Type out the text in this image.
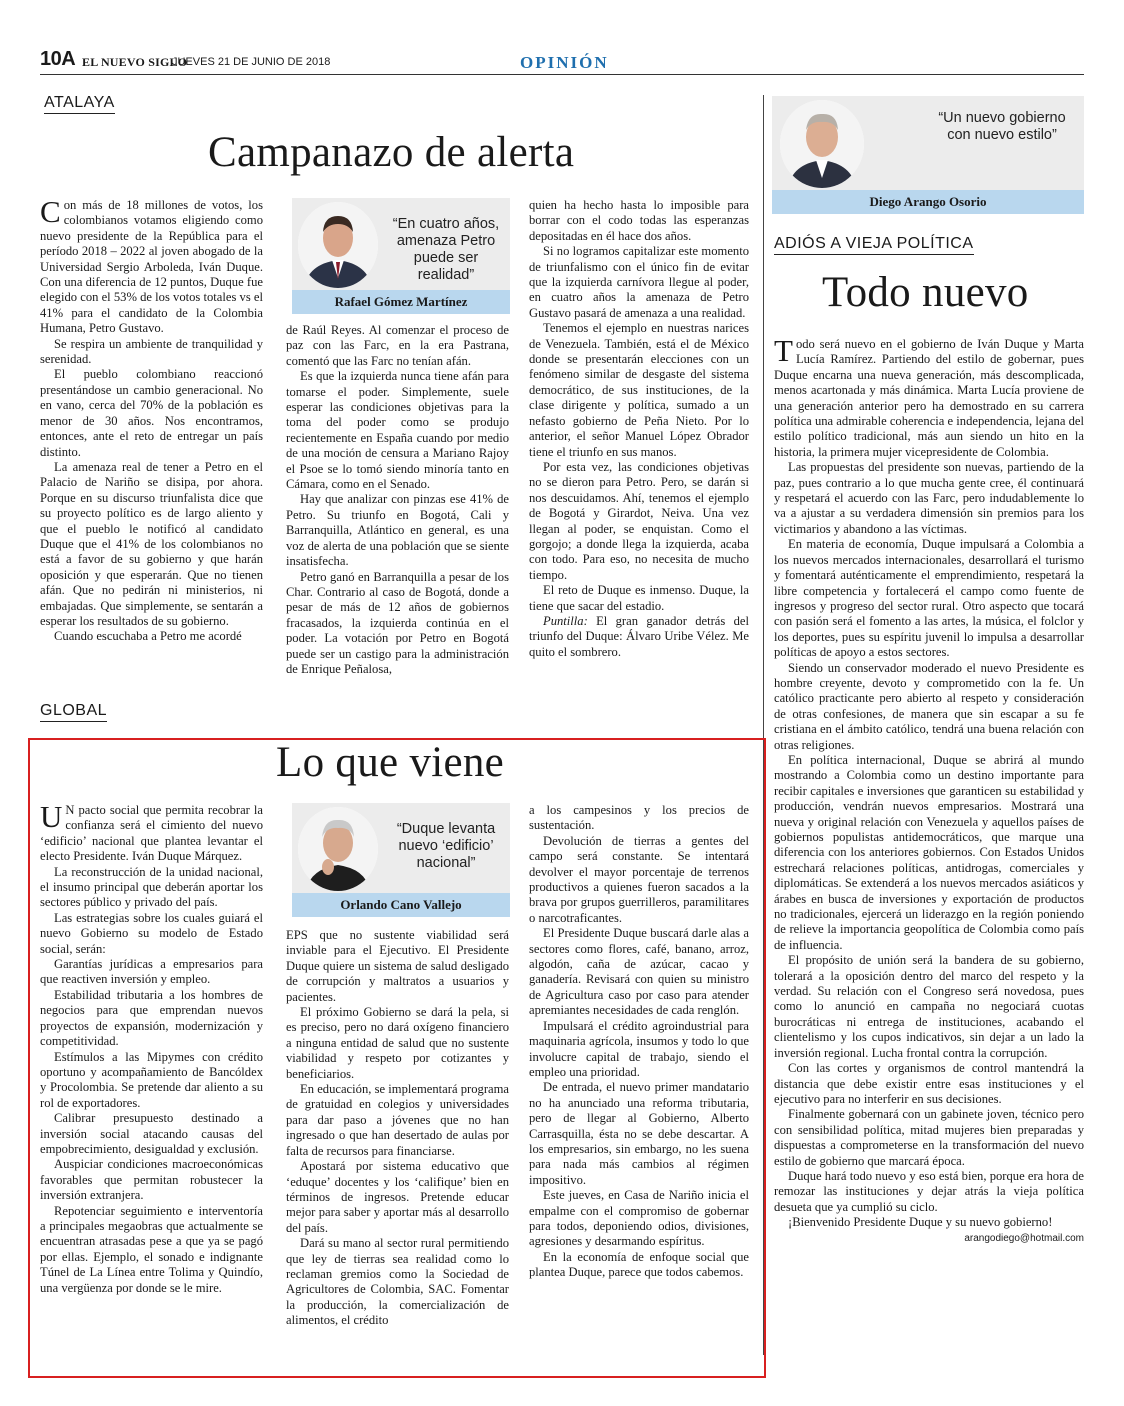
10A EL NUEVO SIGLO
JUEVES 21 DE JUNIO DE 2018	OPINIÓN
ATALAYA
Campanazo de alerta

Con más de 18 millones de votos, los colombianos votamos eligiendo como nuevo presidente de la República para el período 2018 – 2022 al joven abogado de la Universidad Sergio Arboleda, Iván Duque. Con una diferencia de 12 puntos, Duque fue elegido con el 53% de los votos totales vs el 41% para el candidato de la Colombia Humana, Petro Gustavo.

Se respira un ambiente de tranquilidad y serenidad.

El pueblo colombiano reaccionó presentándose un cambio generacional. No en vano, cerca del 70% de la población es menor de 30 años. Nos encontramos, entonces, ante el reto de entregar un país distinto.

La amenaza real de tener a Petro en el Palacio de Nariño se disipa, por ahora. Porque en su discurso triunfalista dice que su proyecto político es de largo aliento y que el pueblo le notificó al candidato Duque que el 41% de los colombianos no está a favor de su gobierno y que harán oposición y que esperarán. Que no tienen afán. Que no pedirán ni ministerios, ni embajadas. Que simplemente, se sentarán a esperar los resultados de su gobierno.

Cuando escuchaba a Petro me acordé

“En cuatro años, amenaza Petro puede ser realidad”
Rafael Gómez Martínez

de Raúl Reyes. Al comenzar el proceso de paz con las Farc, en la era Pastrana, comentó que las Farc no tenían afán.

Es que la izquierda nunca tiene afán para tomarse el poder. Simplemente, suele esperar las condiciones objetivas para la toma del poder como se produjo recientemente en España cuando por medio de una moción de censura a Mariano Rajoy el Psoe se lo tomó siendo minoría tanto en Cámara, como en el Senado.

Hay que analizar con pinzas ese 41% de Petro. Su triunfo en Bogotá, Cali y Barranquilla, Atlántico en general, es una voz de alerta de una población que se siente insatisfecha.

Petro ganó en Barranquilla a pesar de los Char. Contrario al caso de Bogotá, donde a pesar de más de 12 años de gobiernos fracasados, la izquierda continúa en el poder. La votación por Petro en Bogotá puede ser un castigo para la administración de Enrique Peñalosa,

quien ha hecho hasta lo imposible para borrar con el codo todas las esperanzas depositadas en él hace dos años.

Si no logramos capitalizar este momento de triunfalismo con el único fin de evitar que la izquierda carnívora llegue al poder, en cuatro años la amenaza de Petro Gustavo pasará de amenaza a una realidad.

Tenemos el ejemplo en nuestras narices de Venezuela. También, está el de México donde se presentarán elecciones con un fenómeno similar de desgaste del sistema democrático, de sus instituciones, de la clase dirigente y política, sumado a un nefasto gobierno de Peña Nieto. Por lo anterior, el señor Manuel López Obrador tiene el triunfo en sus manos.

Por esta vez, las condiciones objetivas no se dieron para Petro. Pero, se darán si nos descuidamos. Ahí, tenemos el ejemplo de Bogotá y Girardot, Neiva. Una vez llegan al poder, se enquistan. Como el gorgojo; a donde llega la izquierda, acaba con todo. Para eso, no necesita de mucho tiempo.

El reto de Duque es inmenso. Duque, la tiene que sacar del estadio.

Puntilla: El gran ganador detrás del triunfo del Duque: Álvaro Uribe Vélez. Me quito el sombrero.

GLOBAL
Lo que viene

U N pacto social que permita recobrar la confianza será el cimiento del nuevo ‘edificio’ nacional que plantea levantar el electo Presidente. Iván Duque Márquez.

La reconstrucción de la unidad nacional, el insumo principal que deberán aportar los sectores público y privado del país.

Las estrategias sobre los cuales guiará el nuevo Gobierno su modelo de Estado social, serán:

Garantías jurídicas a empresarios para que reactiven inversión y empleo.

Estabilidad tributaria a los hombres de negocios para que emprendan nuevos proyectos de expansión, modernización y competitividad.

Estímulos a las Mipymes con crédito oportuno y acompañamiento de Bancóldex y Procolombia. Se pretende dar aliento a su rol de exportadores.

Calibrar presupuesto destinado a inversión social atacando causas del empobrecimiento, desigualdad y exclusión.

Auspiciar condiciones macroeconómicas favorables que permitan robustecer la inversión extranjera.

Repotenciar seguimiento e interventoría a principales megaobras que actualmente se encuentran atrasadas pese a que ya se pagó por ellas. Ejemplo, el sonado e indignante Túnel de La Línea entre Tolima y Quindío, una vergüenza por donde se le mire.

“Duque levanta nuevo ‘edificio’ nacional”
Orlando Cano Vallejo

EPS que no sustente viabilidad será inviable para el Ejecutivo. El Presidente Duque quiere un sistema de salud desligado de corrupción y maltratos a usuarios y pacientes.

El próximo Gobierno se dará la pela, si es preciso, pero no dará oxígeno financiero a ninguna entidad de salud que no sustente viabilidad y respeto por cotizantes y beneficiarios.

En educación, se implementará programa de gratuidad en colegios y universidades para dar paso a jóvenes que no han ingresado o que han desertado de aulas por falta de recursos para financiarse.

Apostará por sistema educativo que ‘eduque’ docentes y los ‘califique’ bien en términos de ingresos. Pretende educar mejor para saber y aportar más al desarrollo del país.

Dará su mano al sector rural permitiendo que ley de tierras sea realidad como lo reclaman gremios como la Sociedad de Agricultores de Colombia, SAC. Fomentar la producción, la comercialización de alimentos, el crédito

a los campesinos y los precios de sustentación.

Devolución de tierras a gentes del campo será constante. Se intentará devolver el mayor porcentaje de terrenos productivos a quienes fueron sacados a la brava por grupos guerrilleros, paramilitares o narcotraficantes.

El Presidente Duque buscará darle alas a sectores como flores, café, banano, arroz, algodón, caña de azúcar, cacao y ganadería. Revisará con quien su ministro de Agricultura caso por caso para atender apremiantes necesidades de cada renglón.

Impulsará el crédito agroindustrial para maquinaria agrícola, insumos y todo lo que involucre capital de trabajo, siendo el empleo una prioridad.

De entrada, el nuevo primer mandatario no ha anunciado una reforma tributaria, pero de llegar al Gobierno, Alberto Carrasquilla, ésta no se debe descartar. A los empresarios, sin embargo, no les suena para nada más cambios al régimen impositivo.

Este jueves, en Casa de Nariño inicia el empalme con el compromiso de gobernar para todos, deponiendo odios, divisiones, agresiones y desarmando espíritus.

En la economía de enfoque social que plantea Duque, parece que todos cabemos.

“Un nuevo gobierno con nuevo estilo”
Diego Arango Osorio
ADIÓS A VIEJA POLÍTICA
Todo nuevo

Todo será nuevo en el gobierno de Iván Duque y Marta Lucía Ramírez. Partiendo del estilo de gobernar, pues Duque encarna una nueva generación, más descomplicada, menos acartonada y más dinámica. Marta Lucía proviene de una generación anterior pero ha demostrado en su carrera política una admirable coherencia e independencia, lejana del estilo político tradicional, más aun siendo un hito en la historia, la primera mujer vicepresidente de Colombia.

Las propuestas del presidente son nuevas, partiendo de la paz, pues contrario a lo que mucha gente cree, él continuará y respetará el acuerdo con las Farc, pero indudablemente lo va a ajustar a su verdadera dimensión sin premios para los victimarios y abandono a las víctimas.

En materia de economía, Duque impulsará a Colombia a los nuevos mercados internacionales, desarrollará el turismo y fomentará auténticamente el emprendimiento, respetará la libre competencia y fortalecerá el campo como fuente de ingresos y progreso del sector rural. Otro aspecto que tocará con pasión será el fomento a las artes, la música, el folclor y los deportes, pues su espíritu juvenil lo impulsa a desarrollar políticas de apoyo a estos sectores.

Siendo un conservador moderado el nuevo Presidente es hombre creyente, devoto y comprometido con la fe. Un católico practicante pero abierto al respeto y consideración de otras confesiones, de manera que sin escapar a su fe cristiana en el ámbito católico, tendrá una buena relación con otras religiones.

En política internacional, Duque se abrirá al mundo mostrando a Colombia como un destino importante para recibir capitales e inversiones que garanticen su estabilidad y producción, vendrán nuevos empresarios. Mostrará una nueva y original relación con Venezuela y aquellos países de gobiernos populistas antidemocráticos, que marque una diferencia con los anteriores gobiernos. Con Estados Unidos estrechará relaciones políticas, antidrogas, comerciales y diplomáticas. Se extenderá a los nuevos mercados asiáticos y árabes en busca de inversiones y exportación de productos no tradicionales, ejercerá un liderazgo en la región poniendo de relieve la importancia geopolítica de Colombia como país de influencia.

El propósito de unión será la bandera de su gobierno, tolerará a la oposición dentro del marco del respeto y la verdad. Su relación con el Congreso será novedosa, pues como lo anunció en campaña no negociará cuotas burocráticas ni entrega de instituciones, acabando el clientelismo y los cupos indicativos, sin dejar a un lado la inversión regional. Lucha frontal contra la corrupción.

Con las cortes y organismos de control mantendrá la distancia que debe existir entre esas instituciones y el ejecutivo para no interferir en sus decisiones.

Finalmente gobernará con un gabinete joven, técnico pero con sensibilidad política, mitad mujeres bien preparadas y dispuestas a comprometerse en la transformación del nuevo estilo de gobierno que marcará época.

Duque hará todo nuevo y eso está bien, porque era hora de remozar las instituciones y dejar atrás la vieja política desueta que ya cumplió su ciclo.

¡Bienvenido Presidente Duque y su nuevo gobierno!

arangodiego@hotmail.com
